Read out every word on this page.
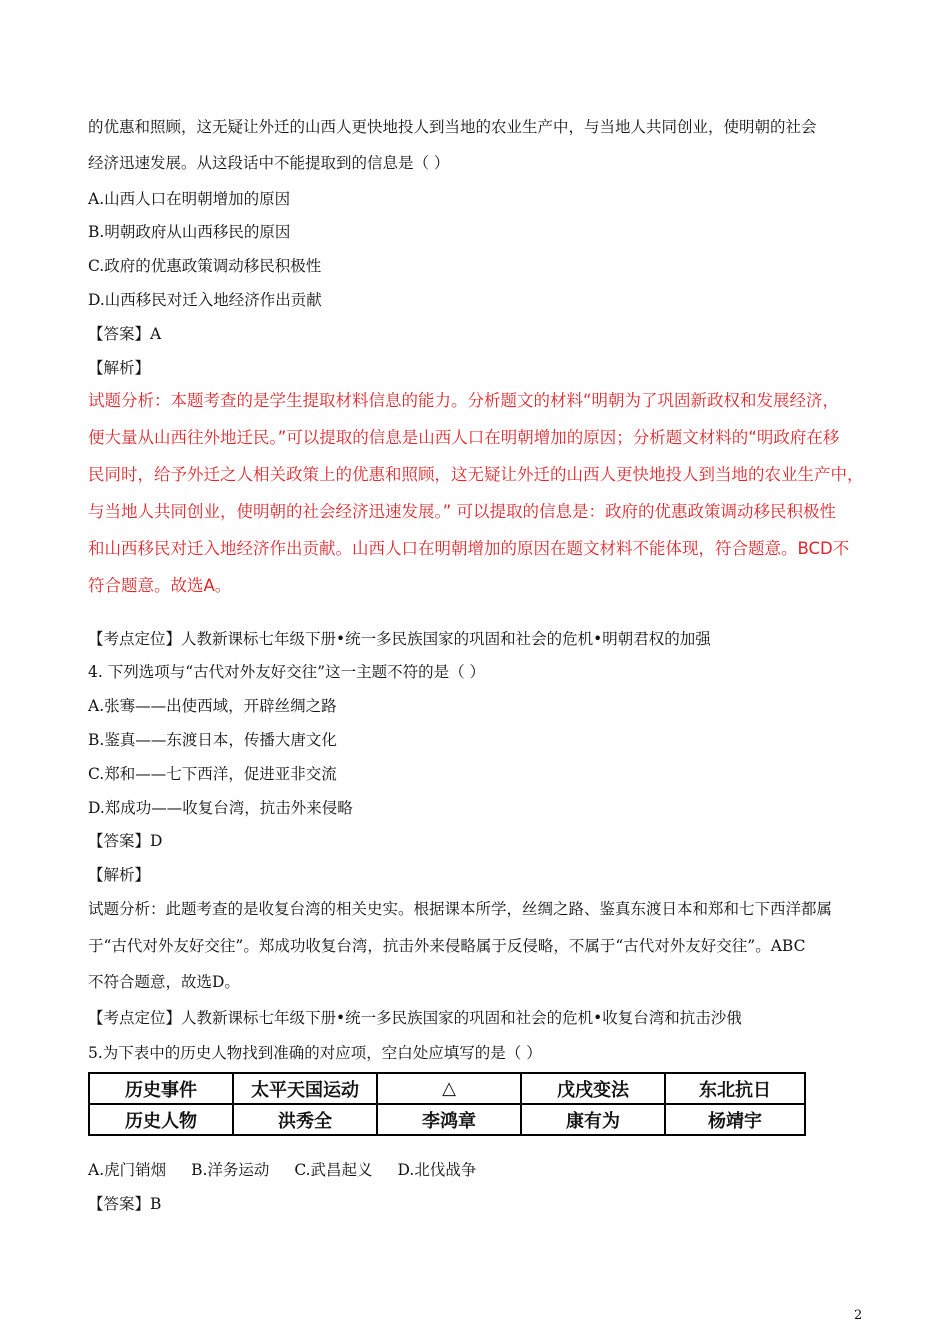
的优惠和照顾，这无疑让外迁的山西人更快地投人到当地的农业生产中，与当地人共同创业，使明朝的社会
经济迅速发展。从这段话中不能提取到的信息是（ ）
A.山西人口在明朝增加的原因
B.明朝政府从山西移民的原因
C.政府的优惠政策调动移民积极性
D.山西移民对迁入地经济作出贡献
【答案】A
【解析】
试题分析：本题考查的是学生提取材料信息的能力。分析题文的材料“明朝为了巩固新政权和发展经济，
便大量从山西往外地迁民。”可以提取的信息是山西人口在明朝增加的原因；分析题文材料的“明政府在移
民同时，给予外迁之人相关政策上的优惠和照顾，这无疑让外迁的山西人更快地投人到当地的农业生产中，
与当地人共同创业，使明朝的社会经济迅速发展。” 可以提取的信息是：政府的优惠政策调动移民积极性
和山西移民对迁入地经济作出贡献。山西人口在明朝增加的原因在题文材料不能体现，符合题意。BCD不
符合题意。故选A。
【考点定位】人教新课标七年级下册•统一多民族国家的巩固和社会的危机•明朝君权的加强
4. 下列选项与“古代对外友好交往”这一主题不符的是（ ）
A.张骞——出使西域，开辟丝绸之路
B.鉴真——东渡日本，传播大唐文化
C.郑和——七下西洋，促进亚非交流
D.郑成功——收复台湾，抗击外来侵略
【答案】D
【解析】
试题分析：此题考查的是收复台湾的相关史实。根据课本所学，丝绸之路、鉴真东渡日本和郑和七下西洋都属
于“古代对外友好交往”。郑成功收复台湾，抗击外来侵略属于反侵略，不属于“古代对外友好交往”。ABC
不符合题意，故选D。
【考点定位】人教新课标七年级下册•统一多民族国家的巩固和社会的危机•收复台湾和抗击沙俄
5.为下表中的历史人物找到准确的对应项，空白处应填写的是（ ）
历史事件	太平天国运动	△	戊戌变法	东北抗日
历史人物	洪秀全	李鸿章	康有为	杨靖宇
A.虎门销烟 B.洋务运动 C.武昌起义 D.北伐战争
【答案】B
2
